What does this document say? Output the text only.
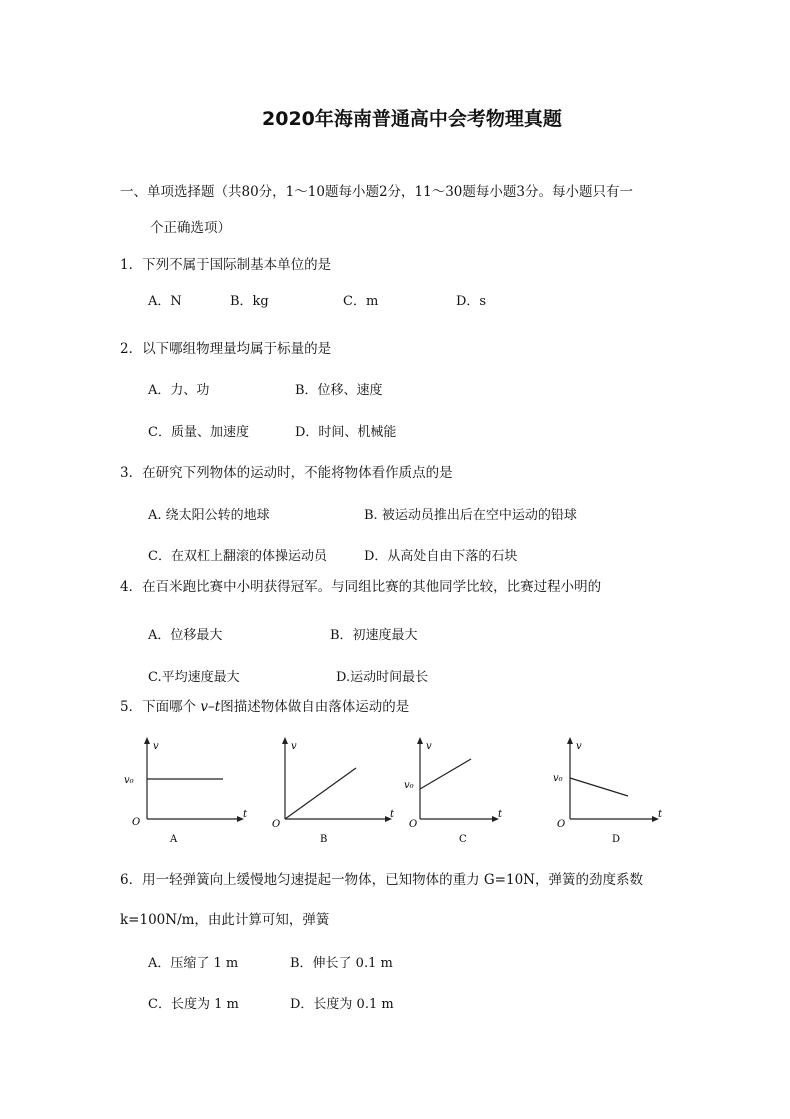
2020年海南普通高中会考物理真题
一、单项选择题（共80分，1～10题每小题2分，11～30题每小题3分。每小题只有一
个正确选项）
1．下列不属于国际制基本单位的是
A．N	B．kg	C．m	D．s
2．以下哪组物理量均属于标量的是
A．力、功	B．位移、速度
C．质量、加速度	D．时间、机械能
3．在研究下列物体的运动时，不能将物体看作质点的是
A. 绕太阳公转的地球	B. 被运动员推出后在空中运动的铅球
C．在双杠上翻滚的体操运动员	D．从高处自由下落的石块
4．在百米跑比赛中小明获得冠军。与同组比赛的其他同学比较，比赛过程小明的
A．位移最大	B．初速度最大
C.平均速度最大	D.运动时间最长
5．下面哪个 v–t图描述物体做自由落体运动的是
v
t
O
v₀
A
v
t
O
B
v
t
O
v₀
C
v
t
O
v₀
D
6．用一轻弹簧向上缓慢地匀速提起一物体，已知物体的重力 G=10N，弹簧的劲度系数
k=100N/m，由此计算可知，弹簧
A．压缩了 1 m	B．伸长了 0.1 m
C．长度为 1 m	D．长度为 0.1 m
